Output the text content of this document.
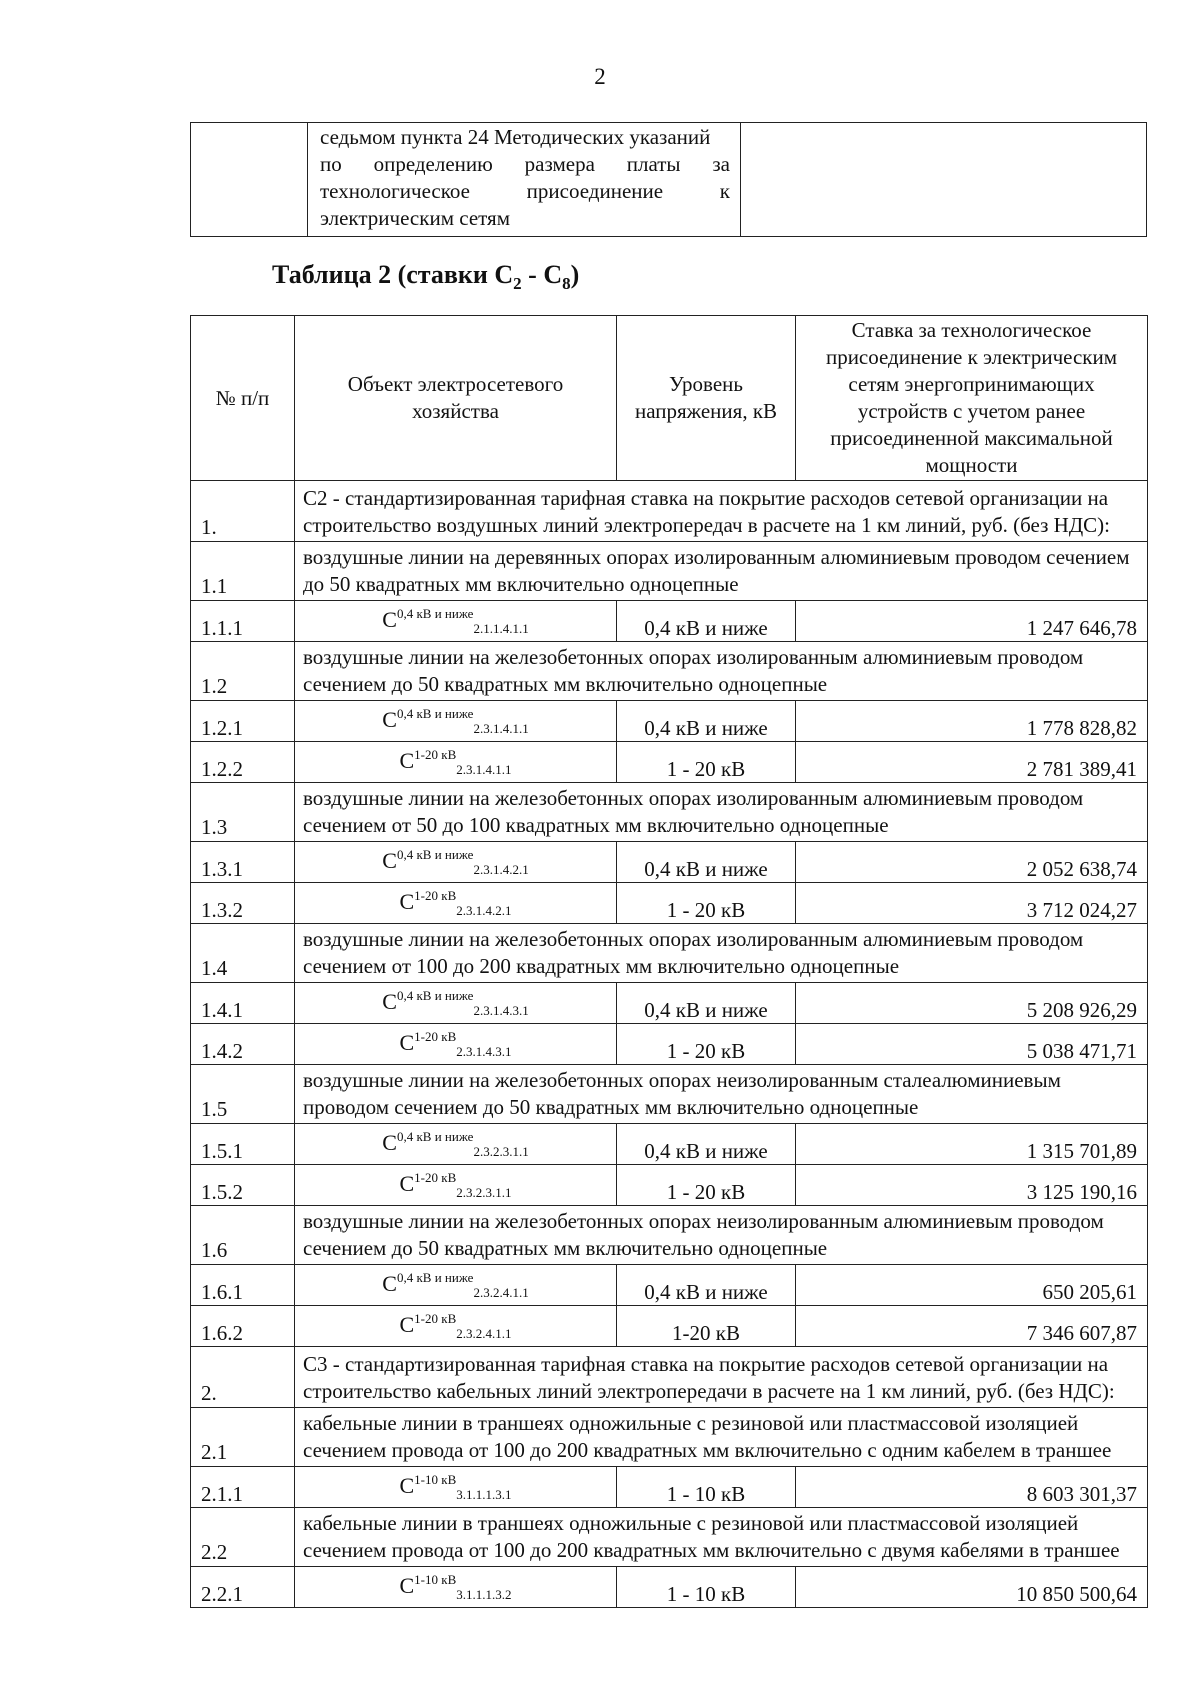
2

седьмом пункта 24 Методических указаний
по определению размера платы за
технологическое присоединение к
электрическим сетям

Таблица 2 (ставки $C_2 - C_8$)
№ п/п	Объект электросетевого хозяйства	Уровень напряжения, кВ	Ставка за технологическое присоединение к электрическим сетям энергопринимающих устройств с учетом ранее присоединенной максимальной мощности
1.	С2 - стандартизированная тарифная ставка на покрытие расходов сетевой организации на строительство воздушных линий электропередач в расчете на 1 км линий, руб. (без НДС):		
1.1	воздушные линии на деревянных опорах изолированным алюминиевым проводом сечением до 50 квадратных мм включительно одноцепные		
1.1.1	$C^{0,4 кВ и ниже}_{2.1.1.4.1.1}$	0,4 кВ и ниже	1 247 646,78
1.2	воздушные линии на железобетонных опорах изолированным алюминиевым проводом сечением до 50 квадратных мм включительно одноцепные		
1.2.1	$C^{0,4 кВ и ниже}_{2.3.1.4.1.1}$	0,4 кВ и ниже	1 778 828,82
1.2.2	$C^{1-20 кВ}_{2.3.1.4.1.1}$	1 - 20 кВ	2 781 389,41
1.3	воздушные линии на железобетонных опорах изолированным алюминиевым проводом сечением от 50 до 100 квадратных мм включительно одноцепные		
1.3.1	$C^{0,4 кВ и ниже}_{2.3.1.4.2.1}$	0,4 кВ и ниже	2 052 638,74
1.3.2	$C^{1-20 кВ}_{2.3.1.4.2.1}$	1 - 20 кВ	3 712 024,27
1.4	воздушные линии на железобетонных опорах изолированным алюминиевым проводом сечением от 100 до 200 квадратных мм включительно одноцепные		
1.4.1	$C^{0,4 кВ и ниже}_{2.3.1.4.3.1}$	0,4 кВ и ниже	5 208 926,29
1.4.2	$C^{1-20 кВ}_{2.3.1.4.3.1}$	1 - 20 кВ	5 038 471,71
1.5	воздушные линии на железобетонных опорах неизолированным сталеалюминиевым проводом сечением до 50 квадратных мм включительно одноцепные		
1.5.1	$C^{0,4 кВ и ниже}_{2.3.2.3.1.1}$	0,4 кВ и ниже	1 315 701,89
1.5.2	$C^{1-20 кВ}_{2.3.2.3.1.1}$	1 - 20 кВ	3 125 190,16
1.6	воздушные линии на железобетонных опорах неизолированным алюминиевым проводом сечением до 50 квадратных мм включительно одноцепные		
1.6.1	$C^{0,4 кВ и ниже}_{2.3.2.4.1.1}$	0,4 кВ и ниже	650 205,61
1.6.2	$C^{1-20 кВ}_{2.3.2.4.1.1}$	1-20 кВ	7 346 607,87
2.	С3 - стандартизированная тарифная ставка на покрытие расходов сетевой организации на строительство кабельных линий электропередачи в расчете на 1 км линий, руб. (без НДС):		
2.1	кабельные линии в траншеях одножильные с резиновой или пластмассовой изоляцией сечением провода от 100 до 200 квадратных мм включительно с одним кабелем в траншее		
2.1.1	$C^{1-10 кВ}_{3.1.1.1.3.1}$	1 - 10 кВ	8 603 301,37
2.2	кабельные линии в траншеях одножильные с резиновой или пластмассовой изоляцией сечением провода от 100 до 200 квадратных мм включительно с двумя кабелями в траншее		
2.2.1	$C^{1-10 кВ}_{3.1.1.1.3.2}$	1 - 10 кВ	10 850 500,64
